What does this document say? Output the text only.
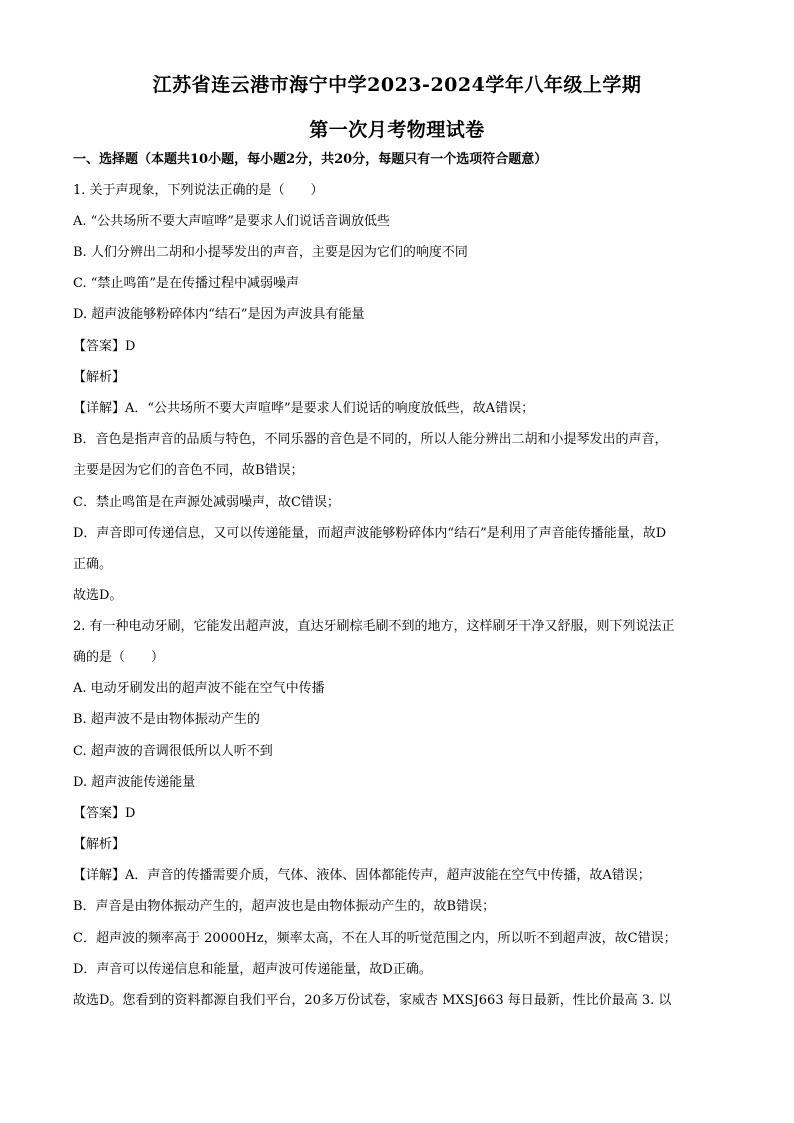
江苏省连云港市海宁中学2023-2024学年八年级上学期
第一次月考物理试卷
一、选择题（本题共10小题，每小题2分，共20分，每题只有一个选项符合题意）
1. 关于声现象，下列说法正确的是（　　）
A. “公共场所不要大声喧哗”是要求人们说话音调放低些
B. 人们分辨出二胡和小提琴发出的声音，主要是因为它们的响度不同
C. “禁止鸣笛”是在传播过程中减弱噪声
D. 超声波能够粉碎体内“结石”是因为声波具有能量
【答案】D
【解析】
【详解】A．“公共场所不要大声喧哗”是要求人们说话的响度放低些，故A错误；
B．音色是指声音的品质与特色，不同乐器的音色是不同的，所以人能分辨出二胡和小提琴发出的声音，
主要是因为它们的音色不同，故B错误；
C．禁止鸣笛是在声源处减弱噪声，故C错误；
D．声音即可传递信息，又可以传递能量，而超声波能够粉碎体内“结石”是利用了声音能传播能量，故D
正确。
故选D。
2. 有一种电动牙刷，它能发出超声波，直达牙刷棕毛刷不到的地方，这样刷牙干净又舒服，则下列说法正
确的是（　　）
A. 电动牙刷发出的超声波不能在空气中传播
B. 超声波不是由物体振动产生的
C. 超声波的音调很低所以人听不到
D. 超声波能传递能量
【答案】D
【解析】
【详解】A．声音的传播需要介质，气体、液体、固体都能传声，超声波能在空气中传播，故A错误；
B．声音是由物体振动产生的，超声波也是由物体振动产生的，故B错误；
C．超声波的频率高于 20000Hz，频率太高，不在人耳的听觉范围之内，所以听不到超声波，故C错误；
D．声音可以传递信息和能量，超声波可传递能量，故D正确。
故选D。您看到的资料都源自我们平台，20多万份试卷，家威杏 MXSJ663 每日最新，性比价最高 3. 以
